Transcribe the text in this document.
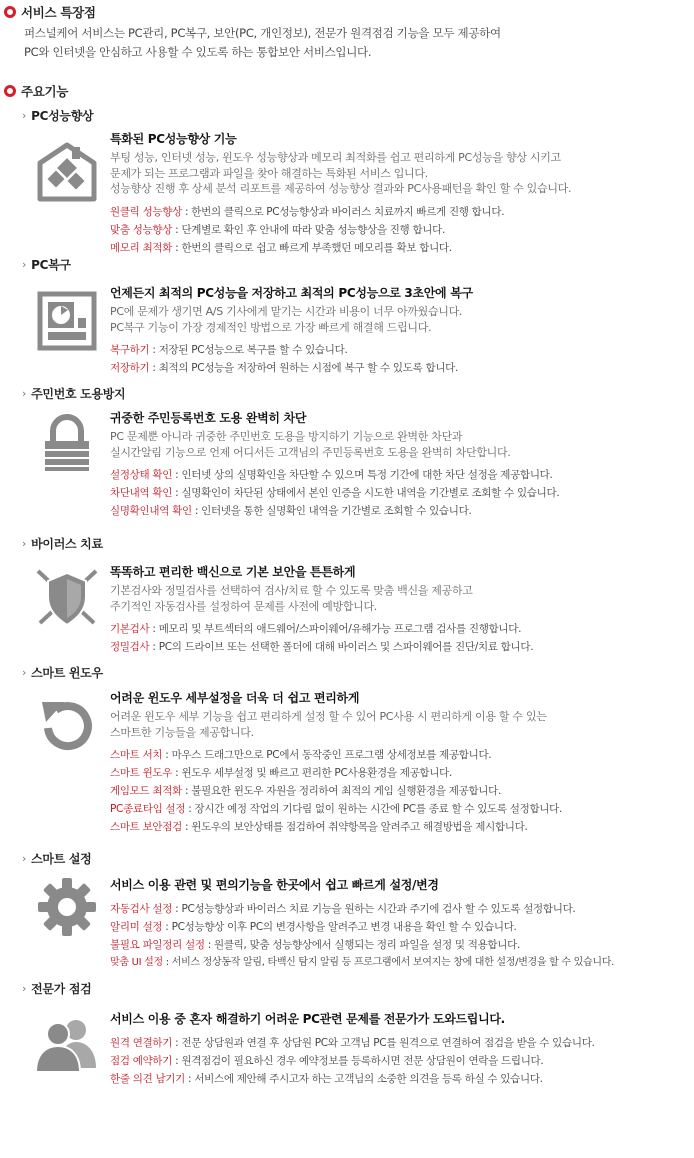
서비스 특장점
퍼스널케어 서비스는 PC관리, PC복구, 보안(PC, 개인정보), 전문가 원격점검 기능을 모두 제공하여
PC와 인터넷을 안심하고 사용할 수 있도록 하는 통합보안 서비스입니다.
주요기능
› PC성능향상
특화된 PC성능향상 기능
부팅 성능, 인터넷 성능, 윈도우 성능향상과 메모리 최적화를 쉽고 편리하게 PC성능을 향상 시키고
문제가 되는 프로그램과 파일을 찾아 해결하는 특화된 서비스 입니다.
성능향상 진행 후 상세 분석 리포트를 제공하여 성능향상 결과와 PC사용패턴을 확인 할 수 있습니다.
원클릭 성능향상 : 한번의 클릭으로 PC성능향상과 바이러스 치료까지 빠르게 진행 합니다.
맞춤 성능향상 : 단계별로 확인 후 안내에 따라 맞춤 성능향상을 진행 합니다.
메모리 최적화 : 한번의 클릭으로 쉽고 빠르게 부족했던 메모리를 확보 합니다.
› PC복구
언제든지 최적의 PC성능을 저장하고 최적의 PC성능으로 3초안에 복구
PC에 문제가 생기면 A/S 기사에게 맡기는 시간과 비용이 너무 아까웠습니다.
PC복구 기능이 가장 경제적인 방법으로 가장 빠르게 해결해 드립니다.
복구하기 : 저장된 PC성능으로 복구를 할 수 있습니다.
저장하기 : 최적의 PC성능을 저장하여 원하는 시점에 복구 할 수 있도록 합니다.
› 주민번호 도용방지
귀중한 주민등록번호 도용 완벽히 차단
PC 문제뿐 아니라 귀중한 주민번호 도용을 방지하기 기능으로 완벽한 차단과
실시간알림 기능으로 언제 어디서든 고객님의 주민등록번호 도용을 완벽히 차단합니다.
설정상태 확인 : 인터넷 상의 실명확인을 차단할 수 있으며 특정 기간에 대한 차단 설정을 제공합니다.
차단내역 확인 : 실명확인이 차단된 상태에서 본인 인증을 시도한 내역을 기간별로 조회할 수 있습니다.
실명확인내역 확인 : 인터넷을 통한 실명확인 내역을 기간별로 조회할 수 있습니다.
› 바이러스 치료
똑똑하고 편리한 백신으로 기본 보안을 튼튼하게
기본검사와 정밀검사를 선택하여 검사/치료 할 수 있도록 맞춤 백신을 제공하고
주기적인 자동검사를 설정하여 문제를 사전에 예방합니다.
기본검사 : 메모리 및 부트섹터의 애드웨어/스파이웨어/유해가능 프로그램 검사를 진행합니다.
정밀검사 : PC의 드라이브 또는 선택한 폴더에 대해 바이러스 및 스파이웨어를 진단/치료 합니다.
› 스마트 윈도우
어려운 윈도우 세부설정을 더욱 더 쉽고 편리하게
어려운 윈도우 세부 기능을 쉽고 편리하게 설정 할 수 있어 PC사용 시 편리하게 이용 할 수 있는
스마트한 기능들을 제공합니다.
스마트 서치 : 마우스 드래그만으로 PC에서 동작중인 프로그램 상세정보를 제공합니다.
스마트 윈도우 : 윈도우 세부설정 및 빠르고 편리한 PC사용환경을 제공합니다.
게임모드 최적화 : 불필요한 윈도우 자원을 정리하여 최적의 게임 실행환경을 제공합니다.
PC종료타임 설정 : 장시간 예정 작업의 기다림 없이 원하는 시간에 PC를 종료 할 수 있도록 설정합니다.
스마트 보안점검 : 윈도우의 보안상태를 점검하여 취약항목을 알려주고 해결방법을 제시합니다.
› 스마트 설정
서비스 이용 관련 및 편의기능을 한곳에서 쉽고 빠르게 설정/변경
자동검사 설정 : PC성능향상과 바이러스 치료 기능을 원하는 시간과 주기에 검사 할 수 있도록 설정합니다.
알리미 설정 : PC성능향상 이후 PC의 변경사항을 알려주고 변경 내용을 확인 할 수 있습니다.
불필요 파일정리 설정 : 원클릭, 맞춤 성능향상에서 실행되는 정리 파일을 설정 및 적용합니다.
맞춤 UI 설정 : 서비스 정상동작 알림, 타백신 탐지 알림 등 프로그램에서 보여지는 창에 대한 설정/변경을 할 수 있습니다.
› 전문가 점검
서비스 이용 중 혼자 해결하기 어려운 PC관련 문제를 전문가가 도와드립니다.
원격 연결하기 : 전문 상담원과 연결 후 상담원 PC와 고객님 PC를 원격으로 연결하여 점검을 받을 수 있습니다.
점검 예약하기 : 원격점검이 필요하신 경우 예약정보를 등록하시면 전문 상담원이 연락을 드립니다.
한줄 의견 남기기 : 서비스에 제안해 주시고자 하는 고객님의 소중한 의견을 등록 하실 수 있습니다.
